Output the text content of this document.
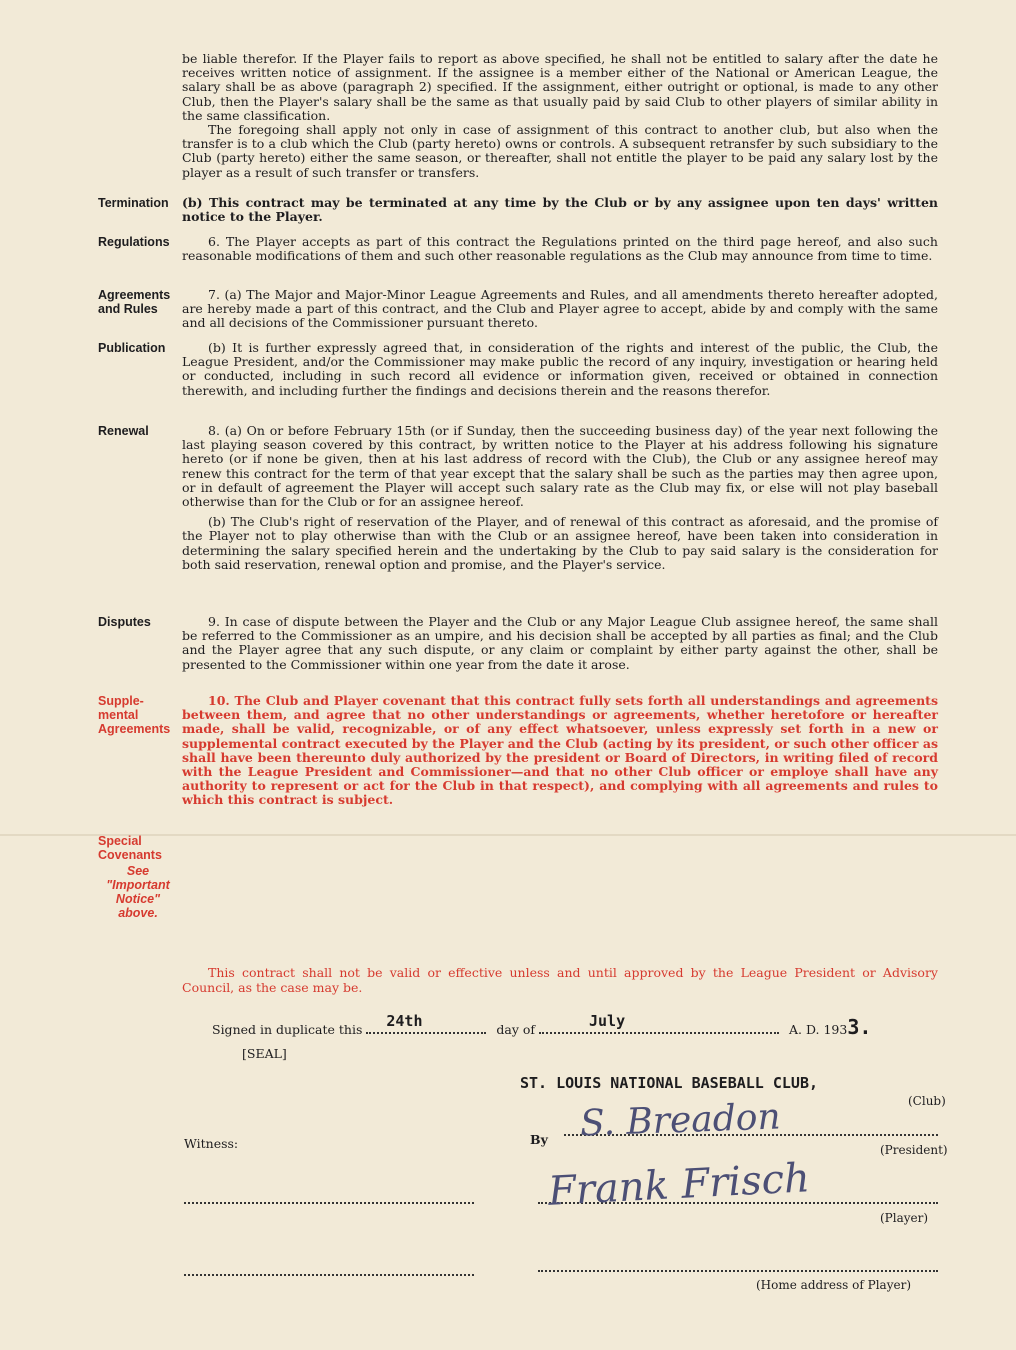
be liable therefor. If the Player fails to report as above specified, he shall not be entitled to salary after the date he receives written notice of assignment. If the assignee is a member either of the National or American League, the salary shall be as above (paragraph 2) specified. If the assignment, either outright or optional, is made to any other Club, then the Player's salary shall be the same as that usually paid by said Club to other players of similar ability in the same classification.

The foregoing shall apply not only in case of assignment of this contract to another club, but also when the transfer is to a club which the Club (party hereto) owns or controls. A subsequent retransfer by such subsidiary to the Club (party hereto) either the same season, or thereafter, shall not entitle the player to be paid any salary lost by the player as a result of such transfer or transfers.

Termination	(b) This contract may be terminated at any time by the Club or by any assignee upon ten days' written notice to the Player.

Regulations	6. The Player accepts as part of this contract the Regulations printed on the third page hereof, and also such reasonable modifications of them and such other reasonable regulations as the Club may announce from time to time.

Agreements
and Rules

7. (a) The Major and Major-Minor League Agreements and Rules, and all amendments thereto hereafter adopted, are hereby made a part of this contract, and the Club and Player agree to accept, abide by and comply with the same and all decisions of the Commissioner pursuant thereto.

Publication	(b) It is further expressly agreed that, in consideration of the rights and interest of the public, the Club, the League President, and/or the Commissioner may make public the record of any inquiry, investigation or hearing held or conducted, including in such record all evidence or information given, received or obtained in connection therewith, and including further the findings and decisions therein and the reasons therefor.

Renewal	8. (a) On or before February 15th (or if Sunday, then the succeeding business day) of the year next following the last playing season covered by this contract, by written notice to the Player at his address following his signature hereto (or if none be given, then at his last address of record with the Club), the Club or any assignee hereof may renew this contract for the term of that year except that the salary shall be such as the parties may then agree upon, or in default of agreement the Player will accept such salary rate as the Club may fix, or else will not play baseball otherwise than for the Club or for an assignee hereof.

(b) The Club's right of reservation of the Player, and of renewal of this contract as aforesaid, and the promise of the Player not to play otherwise than with the Club or an assignee hereof, have been taken into consideration in determining the salary specified herein and the undertaking by the Club to pay said salary is the consideration for both said reservation, renewal option and promise, and the Player's service.

Disputes	9. In case of dispute between the Player and the Club or any Major League Club assignee hereof, the same shall be referred to the Commissioner as an umpire, and his decision shall be accepted by all parties as final; and the Club and the Player agree that any such dispute, or any claim or complaint by either party against the other, shall be presented to the Commissioner within one year from the date it arose.

Supple-
mental
Agreements

10. The Club and Player covenant that this contract fully sets forth all understandings and agreements between them, and agree that no other understandings or agreements, whether heretofore or hereafter made, shall be valid, recognizable, or of any effect whatsoever, unless expressly set forth in a new or supplemental contract executed by the Player and the Club (acting by its president, or such other officer as shall have been thereunto duly authorized by the president or Board of Directors, in writing filed of record with the League President and Commissioner—and that no other Club officer or employe shall have any authority to represent or act for the Club in that respect), and complying with all agreements and rules to which this contract is subject.

Special
Covenants
See
"Important
Notice"
above.
This contract shall not be valid or effective unless and until approved by the League President or Advisory Council, as the case may be.
Signed in duplicate this 24th	day of	July	A. D. 1933.
[SEAL]
ST. LOUIS NATIONAL BASEBALL CLUB,
(Club)
Witness:	By S. Breadon
(President)
Frank Frisch
(Player)
(Home address of Player)
